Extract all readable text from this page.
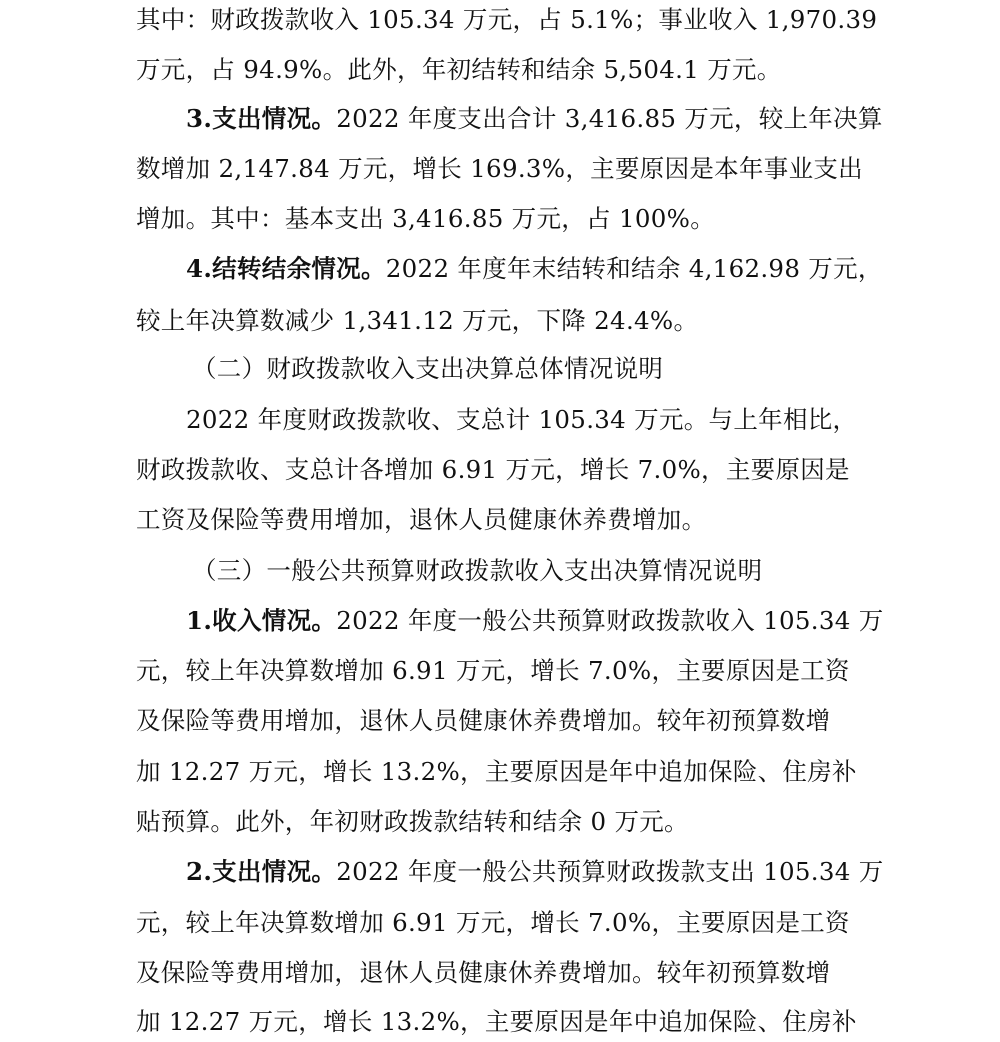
其中：财政拨款收入 105.34 万元，占 5.1%；事业收入 1,970.39
万元，占 94.9%。此外，年初结转和结余 5,504.1 万元。
3.支出情况。2022 年度支出合计 3,416.85 万元，较上年决算
数增加 2,147.84 万元，增长 169.3%，主要原因是本年事业支出
增加。其中：基本支出 3,416.85 万元，占 100%。
4.结转结余情况。2022 年度年末结转和结余 4,162.98 万元，
较上年决算数减少 1,341.12 万元，下降 24.4%。
（二）财政拨款收入支出决算总体情况说明
2022 年度财政拨款收、支总计 105.34 万元。与上年相比，
财政拨款收、支总计各增加 6.91 万元，增长 7.0%，主要原因是
工资及保险等费用增加，退休人员健康休养费增加。
（三）一般公共预算财政拨款收入支出决算情况说明
1.收入情况。2022 年度一般公共预算财政拨款收入 105.34 万
元，较上年决算数增加 6.91 万元，增长 7.0%，主要原因是工资
及保险等费用增加，退休人员健康休养费增加。较年初预算数增
加 12.27 万元，增长 13.2%，主要原因是年中追加保险、住房补
贴预算。此外，年初财政拨款结转和结余 0 万元。
2.支出情况。2022 年度一般公共预算财政拨款支出 105.34 万
元，较上年决算数增加 6.91 万元，增长 7.0%，主要原因是工资
及保险等费用增加，退休人员健康休养费增加。较年初预算数增
加 12.27 万元，增长 13.2%，主要原因是年中追加保险、住房补
